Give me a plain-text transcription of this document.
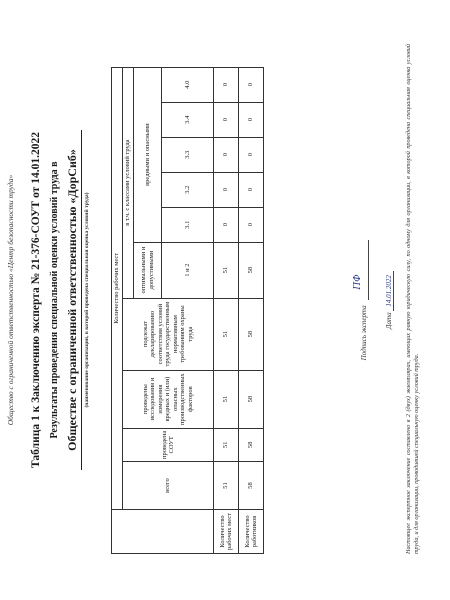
Общество с ограниченной ответственностью «Центр безопасности труда» Таблица 1 к Заключению эксперта № 21-376-СОУТ от 14.01.2022 Результаты проведения специальной оценки условий труда в Обществе с ограниченной ответственностью «ДорСиб» (наименование организации, в которой проведена специальная оценка условий труда)
		Количество рабочих мест									
	всего	проведена СОУТ	проведены исследования и измерения вредных и (или) опасных производственных факторов	подлежат декларированию соответствия условий труда государственным нормативным требованиям охраны труда	в т.ч. с классами условий труда					
					оптимальными и допустимыми	вредными и опасными				
					1 и 2	3.1	3.2	3.3	3.4	4.0
Количество рабочих мест	51	51	51	51	51	0	0	0	0	0
Количество работников	58	58	58	58	58	0	0	0	0	0
Подпись эксперта
ПФ

Дата 14.01.2022 Настоящее экспертное заключение составлено в 2 (двух) экземплярах, имеющих равную юридическую силу, по одному для организации, в которой проведена специальная оценка условий труда, и для организации, проводившей специальную оценку условий труда.
